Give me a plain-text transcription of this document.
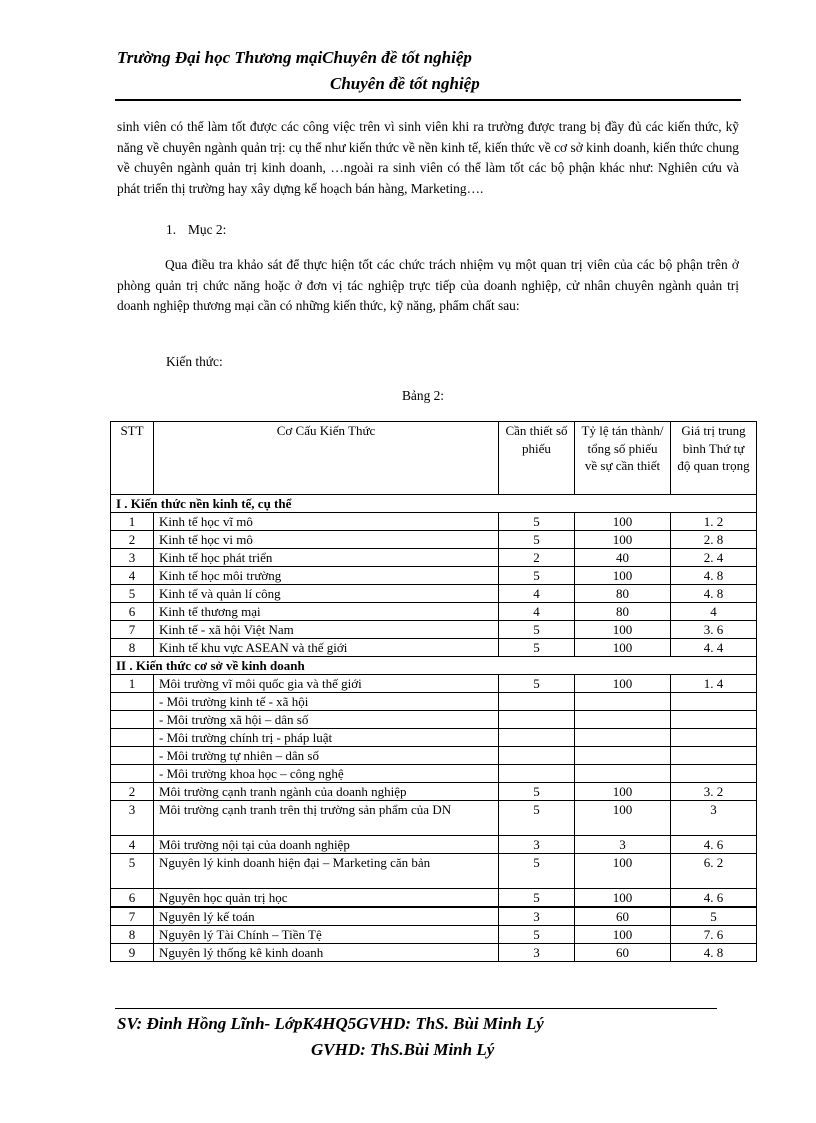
Trường Đại học Thương mạiChuyên đề tốt nghiệp
Chuyên đề tốt nghiệp
sinh viên có thể làm tốt được các công việc trên vì sinh viên khi ra trường được trang bị đầy đủ các kiến thức, kỹ năng về chuyên ngành quản trị: cụ thể như kiến thức về nền kinh tế, kiến thức về cơ sở kinh doanh, kiến thức chung về chuyên ngành quản trị kinh doanh, …ngoài ra sinh viên có thể làm tốt các bộ phận khác như: Nghiên cứu và phát triển thị trường hay xây dựng kế hoạch bán hàng, Marketing….
1. Mục 2:
Qua điều tra khảo sát để thực hiện tốt các chức trách nhiệm vụ một quan trị viên của các bộ phận trên ở phòng quản trị chức năng hoặc ở đơn vị tác nghiệp trực tiếp của doanh nghiệp, cử nhân chuyên ngành quản trị doanh nghiệp thương mại cần có những kiến thức, kỹ năng, phẩm chất sau:
Kiến thức:
Bảng 2:
STT	Cơ Cấu Kiến Thức	Cần thiết số phiếu	Tỷ lệ tán thành/ tổng số phiếu về sự cần thiết	Giá trị trung bình Thứ tự độ quan trọng
I . Kiến thức nền kinh tế, cụ thể				
1	Kinh tế học vĩ mô	5	100	1. 2
2	Kinh tế học vi mô	5	100	2. 8
3	Kinh tế học phát triển	2	40	2. 4
4	Kinh tế học môi trường	5	100	4. 8
5	Kinh tế và quản lí công	4	80	4. 8
6	Kinh tế thương mại	4	80	4
7	Kinh tế - xã hội Việt Nam	5	100	3. 6
8	Kinh tế khu vực ASEAN và thế giới	5	100	4. 4
II . Kiến thức cơ sở về kinh doanh				
1	Môi trường vĩ môi quốc gia và thế giới	5	100	1. 4
	- Môi trường kinh tế - xã hội			
	- Môi trường xã hội – dân số			
	- Môi trường chính trị - pháp luật			
	- Môi trường tự nhiên – dân số			
	- Môi trường khoa học – công nghệ			
2	Môi trường cạnh tranh ngành của doanh nghiệp	5	100	3. 2
3	Môi trường cạnh tranh trên thị trường sản phẩm của DN	5	100	3
4	Môi trường nội tại của doanh nghiệp	3	3	4. 6
5	Nguyên lý kinh doanh hiện đại – Marketing căn bản	5	100	6. 2
6	Nguyên học quản trị học	5	100	4. 6
7	Nguyên lý kế toán	3	60	5
8	Nguyên lý Tài Chính – Tiền Tệ	5	100	7. 6
9	Nguyên lý thống kê kinh doanh	3	60	4. 8
SV: Đinh Hồng Lĩnh- LớpK4HQ5GVHD: ThS. Bùi Minh Lý
GVHD: ThS.Bùi Minh Lý
